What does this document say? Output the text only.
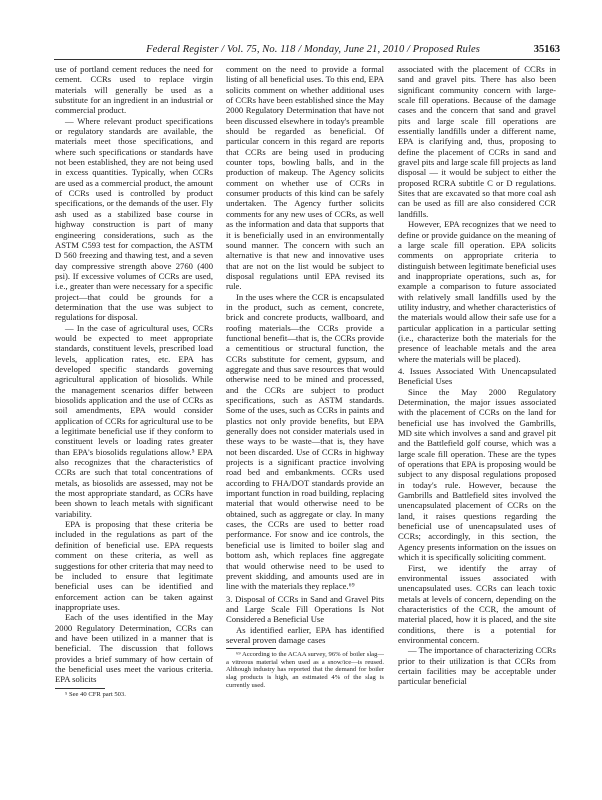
Federal Register / Vol. 75, No. 118 / Monday, June 21, 2010 / Proposed Rules	35163

use of portland cement reduces the need for cement. CCRs used to replace virgin materials will generally be used as a substitute for an ingredient in an industrial or commercial product.

— Where relevant product specifications or regulatory standards are available, the materials meet those specifications, and where such specifications or standards have not been established, they are not being used in excess quantities. Typically, when CCRs are used as a commercial product, the amount of CCRs used is controlled by product specifications, or the demands of the user. Fly ash used as a stabilized base course in highway construction is part of many engineering considerations, such as the ASTM C593 test for compaction, the ASTM D 560 freezing and thawing test, and a seven day compressive strength above 2760 (400 psi). If excessive volumes of CCRs are used, i.e., greater than were necessary for a specific project—that could be grounds for a determination that the use was subject to regulations for disposal.

— In the case of agricultural uses, CCRs would be expected to meet appropriate standards, constituent levels, prescribed load levels, application rates, etc. EPA has developed specific standards governing agricultural application of biosolids. While the management scenarios differ between biosolids application and the use of CCRs as soil amendments, EPA would consider application of CCRs for agricultural use to be a legitimate beneficial use if they conform to constituent levels or loading rates greater than EPA's biosolids regulations allow.⁵ EPA also recognizes that the characteristics of CCRs are such that total concentrations of metals, as biosolids are assessed, may not be the most appropriate standard, as CCRs have been shown to leach metals with significant variability.

EPA is proposing that these criteria be included in the regulations as part of the definition of beneficial use. EPA requests comment on these criteria, as well as suggestions for other criteria that may need to be included to ensure that legitimate beneficial uses can be identified and enforcement action can be taken against inappropriate uses.

Each of the uses identified in the May 2000 Regulatory Determination, CCRs can and have been utilized in a manner that is beneficial. The discussion that follows provides a brief summary of how certain of the beneficial uses meet the various criteria. EPA solicits

⁵ See 40 CFR part 503.

comment on the need to provide a formal listing of all beneficial uses. To this end, EPA solicits comment on whether additional uses of CCRs have been established since the May 2000 Regulatory Determination that have not been discussed elsewhere in today's preamble should be regarded as beneficial. Of particular concern in this regard are reports that CCRs are being used in producing counter tops, bowling balls, and in the production of makeup. The Agency solicits comment on whether use of CCRs in consumer products of this kind can be safely undertaken. The Agency further solicits comments for any new uses of CCRs, as well as the information and data that supports that it is beneficially used in an environmentally sound manner. The concern with such an alternative is that new and innovative uses that are not on the list would be subject to disposal regulations until EPA revised its rule.

In the uses where the CCR is encapsulated in the product, such as cement, concrete, brick and concrete products, wallboard, and roofing materials—the CCRs provide a functional benefit—that is, the CCRs provide a cementitious or structural function, the CCRs substitute for cement, gypsum, and aggregate and thus save resources that would otherwise need to be mined and processed, and the CCRs are subject to product specifications, such as ASTM standards. Some of the uses, such as CCRs in paints and plastics not only provide benefits, but EPA generally does not consider materials used in these ways to be waste—that is, they have not been discarded. Use of CCRs in highway projects is a significant practice involving road bed and embankments. CCRs used according to FHA/DOT standards provide an important function in road building, replacing material that would otherwise need to be obtained, such as aggregate or clay. In many cases, the CCRs are used to better road performance. For snow and ice controls, the beneficial use is limited to boiler slag and bottom ash, which replaces fine aggregate that would otherwise need to be used to prevent skidding, and amounts used are in line with the materials they replace.⁶⁹

3. Disposal of CCRs in Sand and Gravel Pits and Large Scale Fill Operations Is Not Considered a Beneficial Use

As identified earlier, EPA has identified several proven damage cases

⁶⁹ According to the ACAA survey, 96% of boiler slag—a vitreous material when used as a snow/ice—is reused. Although industry has reported that the demand for boiler slag products is high, an estimated 4% of the slag is currently used.

associated with the placement of CCRs in sand and gravel pits. There has also been significant community concern with large-scale fill operations. Because of the damage cases and the concern that sand and gravel pits and large scale fill operations are essentially landfills under a different name, EPA is clarifying and, thus, proposing to define the placement of CCRs in sand and gravel pits and large scale fill projects as land disposal — it would be subject to either the proposed RCRA subtitle C or D regulations. Sites that are excavated so that more coal ash can be used as fill are also considered CCR landfills.

However, EPA recognizes that we need to define or provide guidance on the meaning of a large scale fill operation. EPA solicits comments on appropriate criteria to distinguish between legitimate beneficial uses and inappropriate operations, such as, for example a comparison to future associated with relatively small landfills used by the utility industry, and whether characteristics of the materials would allow their safe use for a particular application in a particular setting (i.e., characterize both the materials for the presence of leachable metals and the area where the materials will be placed).

4. Issues Associated With Unencapsulated Beneficial Uses

Since the May 2000 Regulatory Determination, the major issues associated with the placement of CCRs on the land for beneficial use has involved the Gambrills, MD site which involves a sand and gravel pit and the Battlefield golf course, which was a large scale fill operation. These are the types of operations that EPA is proposing would be subject to any disposal regulations proposed in today's rule. However, because the Gambrills and Battlefield sites involved the unencapsulated placement of CCRs on the land, it raises questions regarding the beneficial use of unencapsulated uses of CCRs; accordingly, in this section, the Agency presents information on the issues on which it is specifically soliciting comment.

First, we identify the array of environmental issues associated with unencapsulated uses. CCRs can leach toxic metals at levels of concern, depending on the characteristics of the CCR, the amount of material placed, how it is placed, and the site conditions, there is a potential for environmental concern.

— The importance of characterizing CCRs prior to their utilization is that CCRs from certain facilities may be acceptable under particular beneficial
